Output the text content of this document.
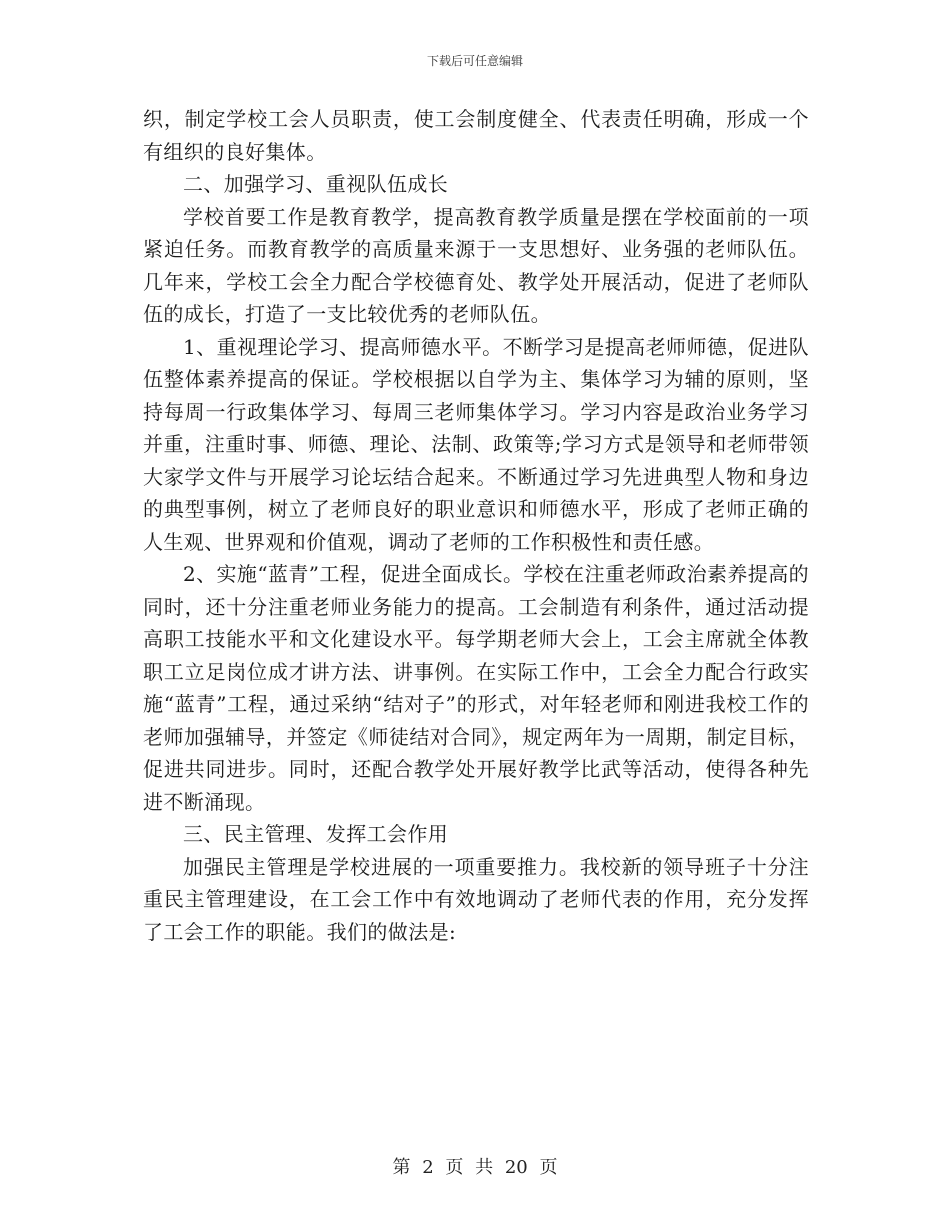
下载后可任意编辑

织，制定学校工会人员职责，使工会制度健全、代表责任明确，形成一个有组织的良好集体。

二、加强学习、重视队伍成长

学校首要工作是教育教学，提高教育教学质量是摆在学校面前的一项紧迫任务。而教育教学的高质量来源于一支思想好、业务强的老师队伍。几年来，学校工会全力配合学校德育处、教学处开展活动，促进了老师队伍的成长，打造了一支比较优秀的老师队伍。

1、重视理论学习、提高师德水平。不断学习是提高老师师德，促进队伍整体素养提高的保证。学校根据以自学为主、集体学习为辅的原则，坚持每周一行政集体学习、每周三老师集体学习。学习内容是政治业务学习并重，注重时事、师德、理论、法制、政策等;学习方式是领导和老师带领大家学文件与开展学习论坛结合起来。不断通过学习先进典型人物和身边的典型事例，树立了老师良好的职业意识和师德水平，形成了老师正确的人生观、世界观和价值观，调动了老师的工作积极性和责任感。

2、实施“蓝青”工程，促进全面成长。学校在注重老师政治素养提高的同时，还十分注重老师业务能力的提高。工会制造有利条件，通过活动提高职工技能水平和文化建设水平。每学期老师大会上，工会主席就全体教职工立足岗位成才讲方法、讲事例。在实际工作中，工会全力配合行政实施“蓝青”工程，通过采纳“结对子”的形式，对年轻老师和刚进我校工作的老师加强辅导，并签定《师徒结对合同》，规定两年为一周期，制定目标，促进共同进步。同时，还配合教学处开展好教学比武等活动，使得各种先进不断涌现。

三、民主管理、发挥工会作用

加强民主管理是学校进展的一项重要推力。我校新的领导班子十分注重民主管理建设，在工会工作中有效地调动了老师代表的作用，充分发挥了工会工作的职能。我们的做法是:

第 2 页 共 20 页
